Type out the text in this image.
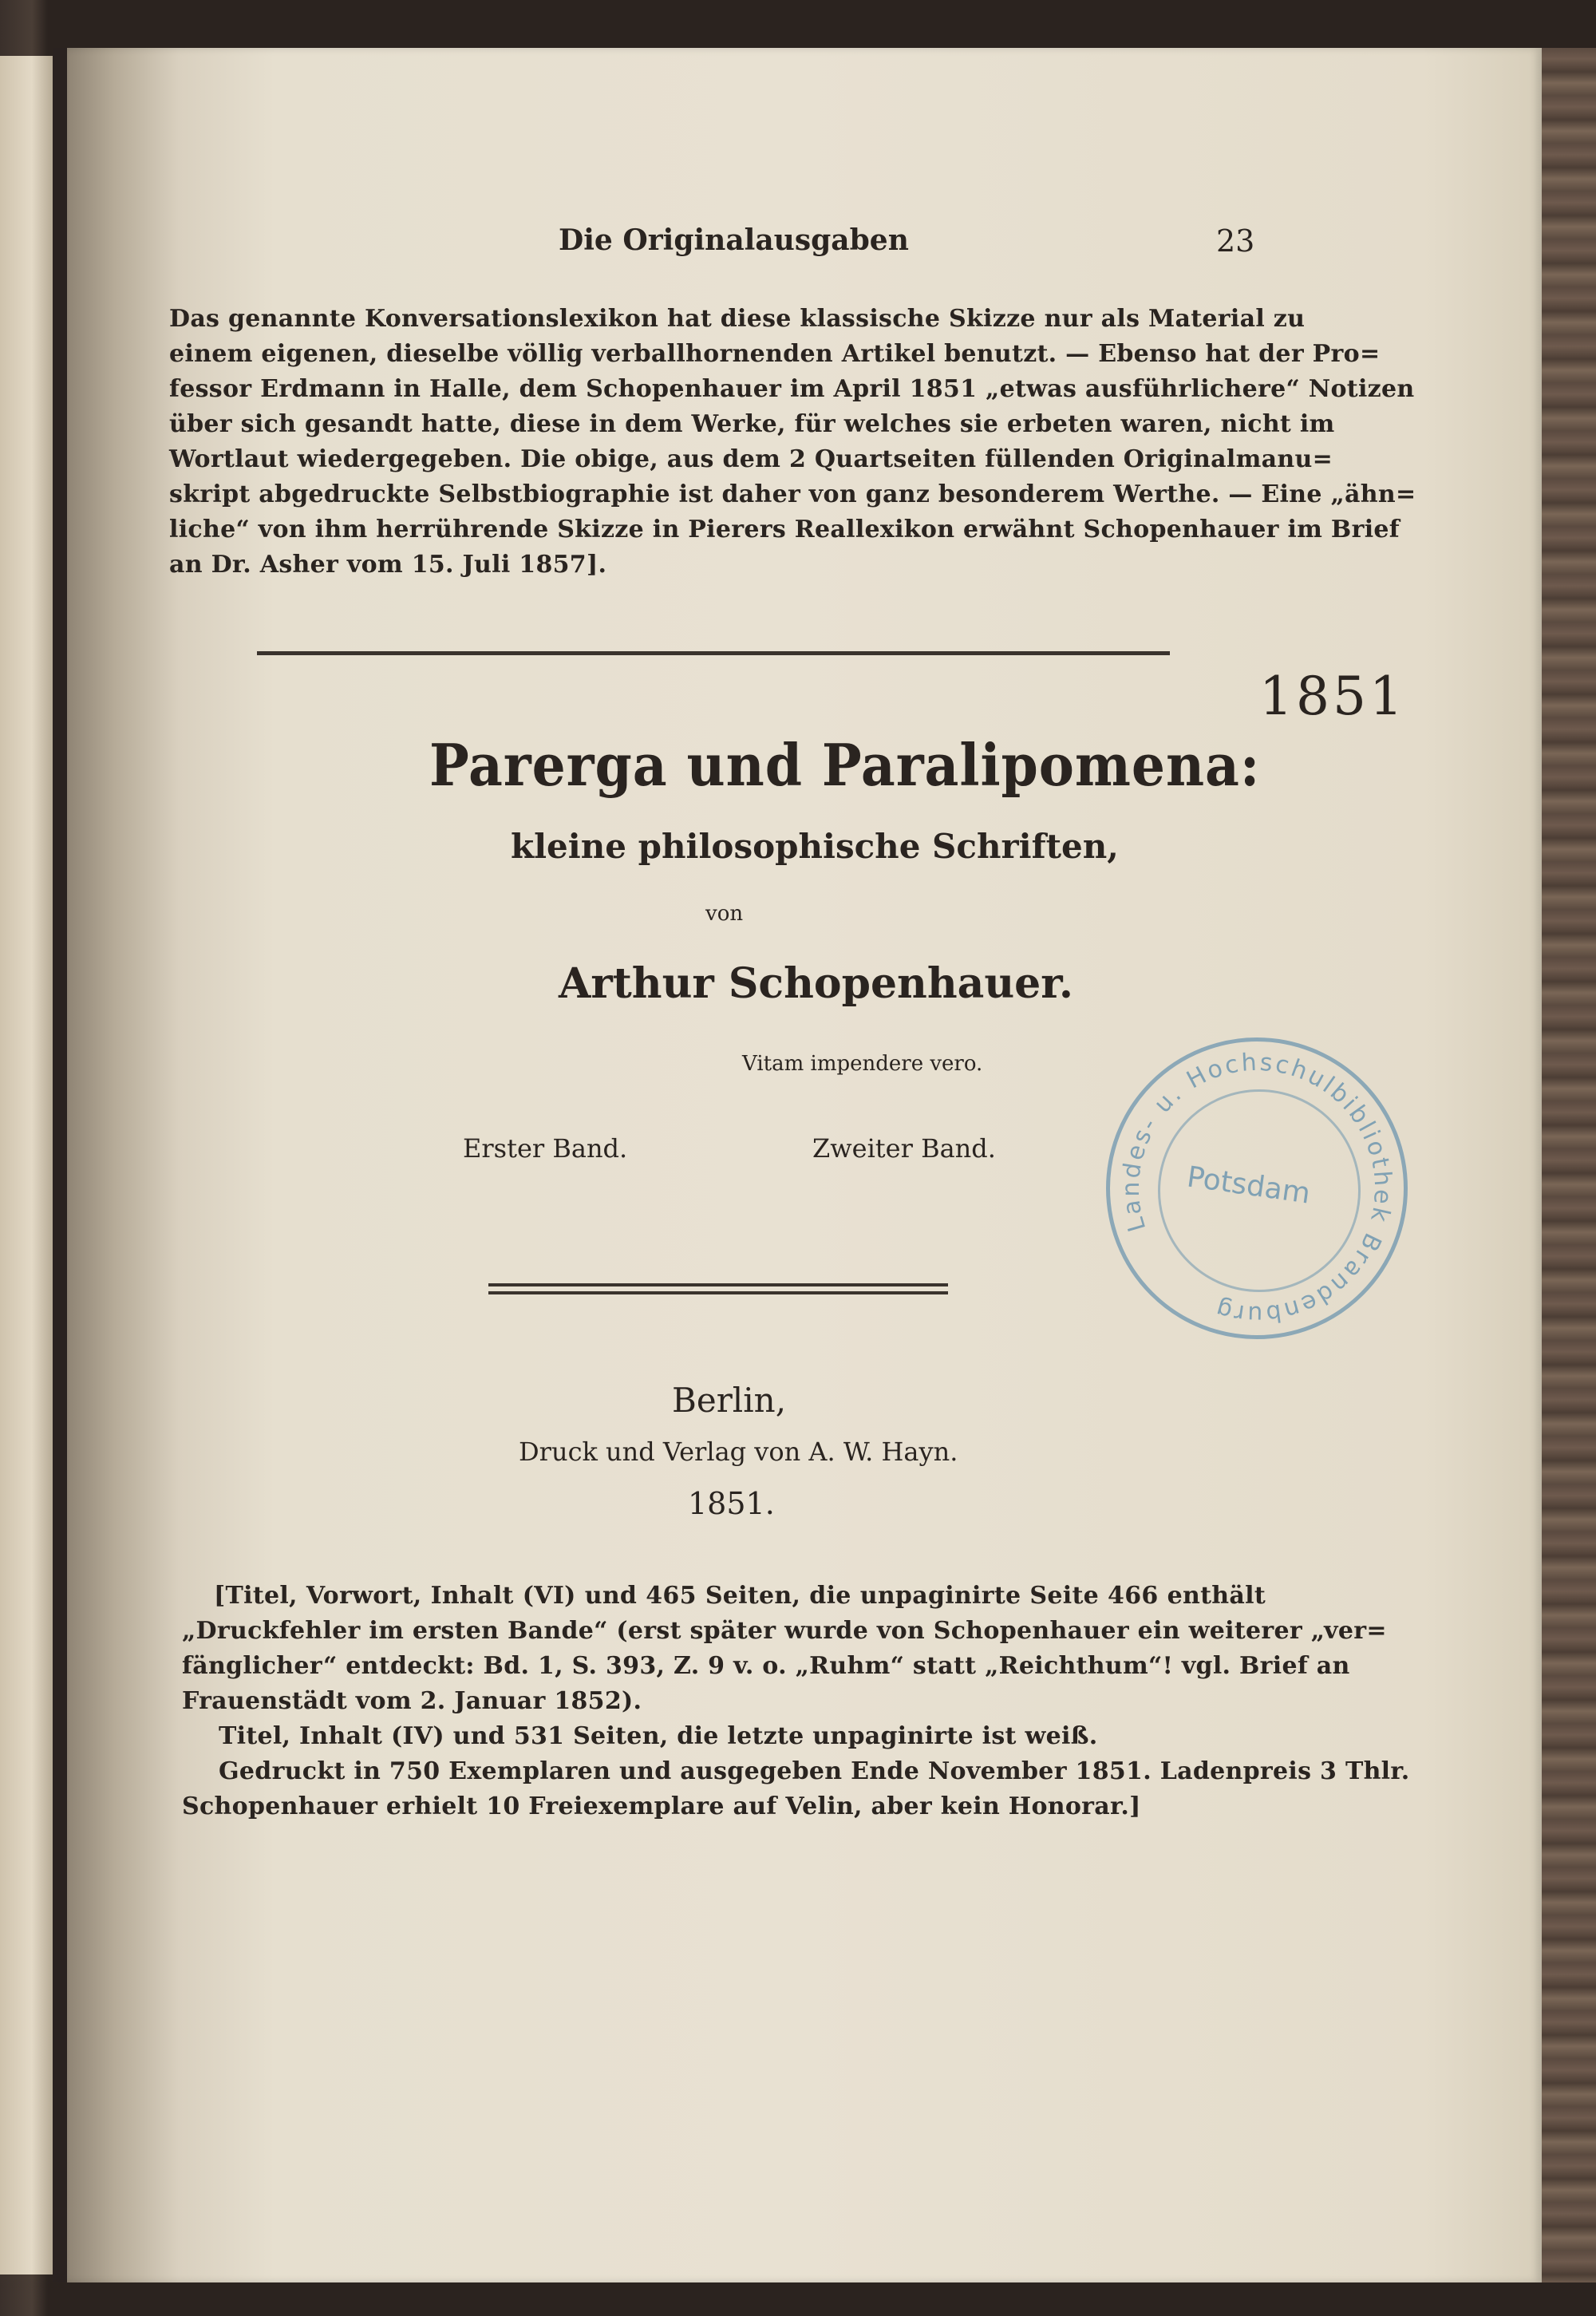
Die Originalausgaben	23
Das genannte Konversationslexikon hat diese klassische Skizze nur als Material zu
einem eigenen, dieselbe völlig verballhornenden Artikel benutzt. — Ebenso hat der Pro=
fessor Erdmann in Halle, dem Schopenhauer im April 1851 „etwas ausführlichere“ Notizen
über sich gesandt hatte, diese in dem Werke, für welches sie erbeten waren, nicht im
Wortlaut wiedergegeben. Die obige, aus dem 2 Quartseiten füllenden Originalmanu=
skript abgedruckte Selbstbiographie ist daher von ganz besonderem Werthe. — Eine „ähn=
liche“ von ihm herrührende Skizze in Pierers Reallexikon erwähnt Schopenhauer im Brief
an Dr. Asher vom 15. Juli 1857].
1851
Parerga und Paralipomena:
kleine philosophische Schriften,
von
Arthur Schopenhauer.
Vitam impendere vero.
Erster Band.	Zweiter Band.
Berlin,
Druck und Verlag von A. W. Hayn.
1851.
Landes- u. Hochschulbibliothek Brandenburg
Potsdam
[Titel, Vorwort, Inhalt (VI) und 465 Seiten, die unpaginirte Seite 466 enthält
„Druckfehler im ersten Bande“ (erst später wurde von Schopenhauer ein weiterer „ver=
fänglicher“ entdeckt: Bd. 1, S. 393, Z. 9 v. o. „Ruhm“ statt „Reichthum“! vgl. Brief an
Frauenstädt vom 2. Januar 1852).
Titel, Inhalt (IV) und 531 Seiten, die letzte unpaginirte ist weiß.
Gedruckt in 750 Exemplaren und ausgegeben Ende November 1851. Ladenpreis 3 Thlr.
Schopenhauer erhielt 10 Freiexemplare auf Velin, aber kein Honorar.]
